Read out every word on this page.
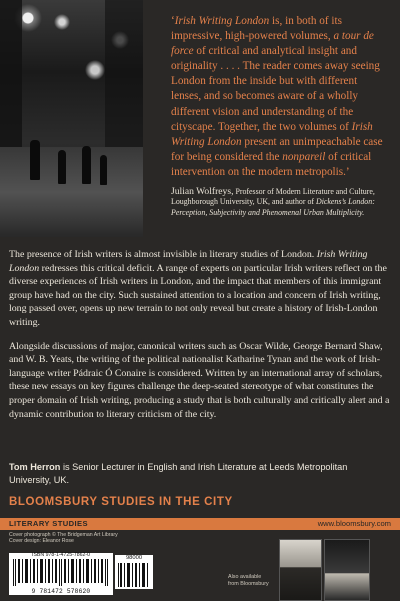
‘Irish Writing London is, in both of its impressive, high-powered volumes, a tour de force of critical and analytical insight and originality . . . . The reader comes away seeing London from the inside but with different lenses, and so becomes aware of a wholly different vision and understanding of the cityscape. Together, the two volumes of Irish Writing London present an unimpeachable case for being considered the nonpareil of critical intervention on the modern metropolis.’
Julian Wolfreys, Professor of Modern Literature and Culture, Loughborough University, UK, and author of Dickens’s London: Perception, Subjectivity and Phenomenal Urban Multiplicity.

The presence of Irish writers is almost invisible in literary studies of London. Irish Writing London redresses this critical deficit. A range of experts on particular Irish writers reflect on the diverse experiences of Irish writers in London, and the impact that members of this immigrant group have had on the city. Such sustained attention to a location and concern of Irish writing, long passed over, opens up new terrain to not only reveal but create a history of Irish-London writing.

Alongside discussions of major, canonical writers such as Oscar Wilde, George Bernard Shaw, and W. B. Yeats, the writing of the political nationalist Katharine Tynan and the work of Irish-language writer Pádraic Ó Conaire is considered. Written by an international array of scholars, these new essays on key figures challenge the deep-seated stereotype of what constitutes the proper domain of Irish writing, producing a study that is both culturally and critically alert and a dynamic contribution to literary criticism of the city.

Tom Herron is Senior Lecturer in English and Irish Literature at Leeds Metropolitan University, UK.
BLOOMSBURY STUDIES IN THE CITY
LITERARY STUDIES	www.bloomsbury.com
Cover photograph © The Bridgeman Art Library
Cover design: Eleanor Rose
ISBN 978-1-4725-7862-0
9 781472 578620
98000
Also available
from Bloomsbury
